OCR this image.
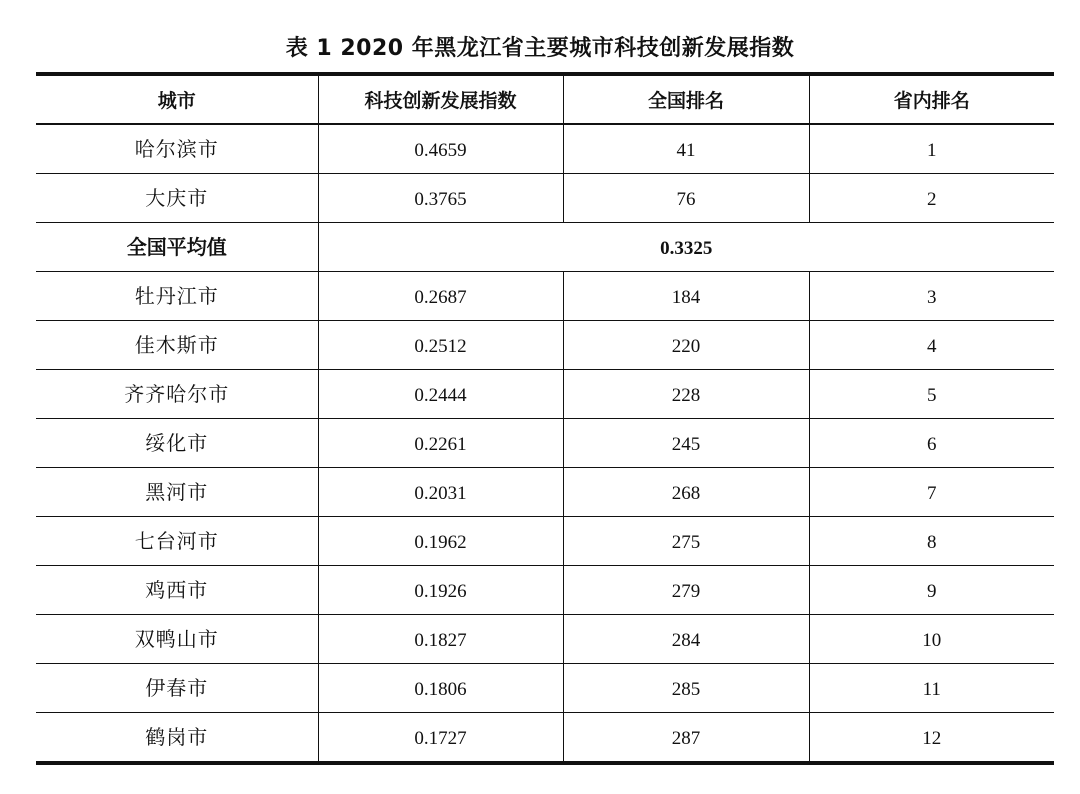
表 1 2020 年黑龙江省主要城市科技创新发展指数
城市	科技创新发展指数	全国排名	省内排名
哈尔滨市	0.4659	41	1
大庆市	0.3765	76	2
全国平均值	0.3325		
牡丹江市	0.2687	184	3
佳木斯市	0.2512	220	4
齐齐哈尔市	0.2444	228	5
绥化市	0.2261	245	6
黑河市	0.2031	268	7
七台河市	0.1962	275	8
鸡西市	0.1926	279	9
双鸭山市	0.1827	284	10
伊春市	0.1806	285	11
鹤岗市	0.1727	287	12
